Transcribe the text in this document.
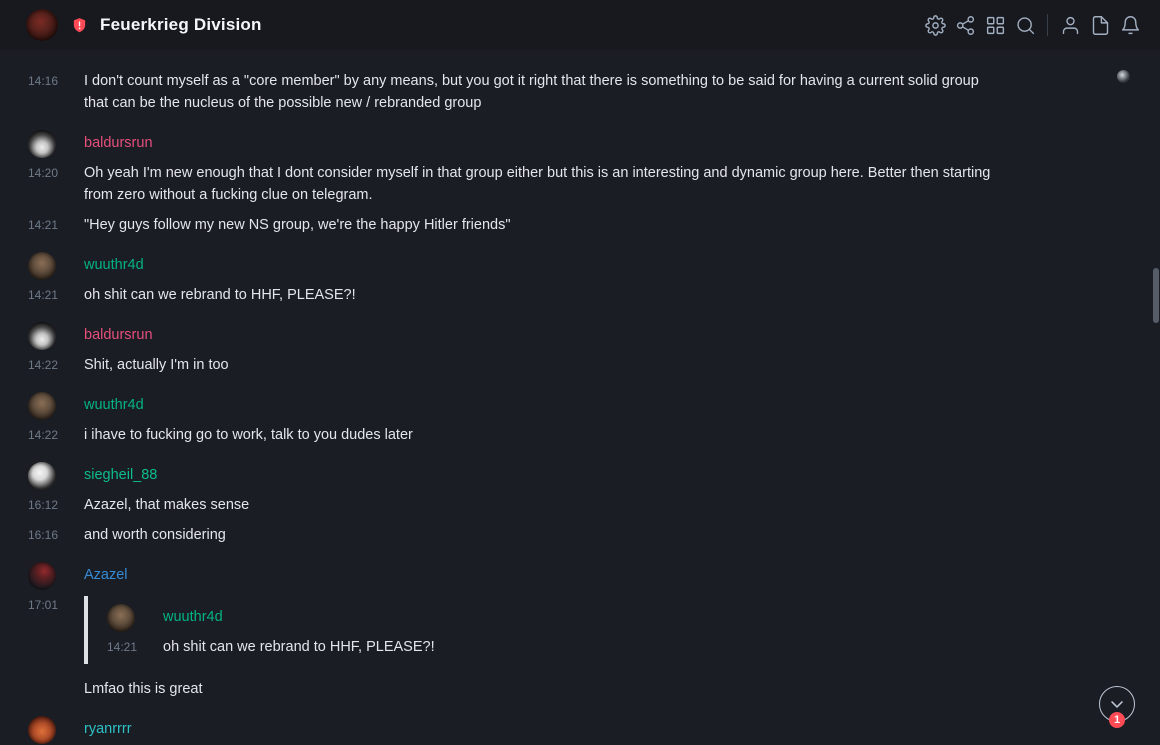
Feuerkrieg Division
14:16	I don't count myself as a "core member" by any means, but you got it right that there is something to be said for having a current solid group that can be the nucleus of the possible new / rebranded group
baldursrun
14:20	Oh yeah I'm new enough that I dont consider myself in that group either but this is an interesting and dynamic group here. Better then starting from zero without a fucking clue on telegram.
14:21	"Hey guys follow my new NS group, we're the happy Hitler friends"
wuuthr4d
14:21	oh shit can we rebrand to HHF, PLEASE?!
baldursrun
14:22	Shit, actually I'm in too
wuuthr4d
14:22	i ihave to fucking go to work, talk to you dudes later
siegheil_88
16:12	Azazel, that makes sense
16:16	and worth considering
Azazel
17:01
wuuthr4d
14:21	oh shit can we rebrand to HHF, PLEASE?!
Lmfao this is great
ryanrrrr
1
